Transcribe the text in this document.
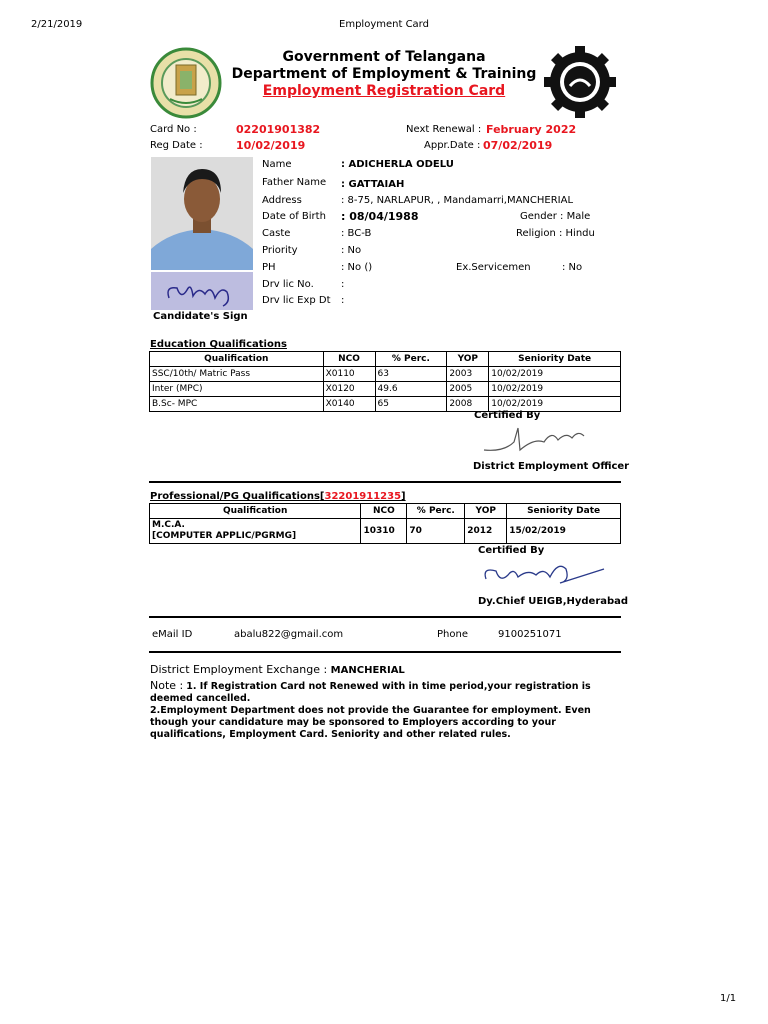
2/21/2019	Employment Card
1/1
Government of Telangana
Department of Employment & Training
Employment Registration Card
Card No :	02201901382
Reg Date :	10/02/2019
Next Renewal : February 2022
Appr.Date : 07/02/2019
Candidate's Sign
Name	: ADICHERLA ODELU
Father Name : GATTAIAH
Address	: 8-75, NARLAPUR, , Mandamarri,MANCHERIAL
Date of Birth : 08/04/1988	Gender : Male
Caste	: BC-B	Religion : Hindu
Priority	: No
PH	: No ()	Ex.Servicemen	: No
Drv lic No.	:
Drv lic Exp Dt :
Education Qualifications
Qualification	NCO	% Perc.	YOP	Seniority Date
SSC/10th/ Matric Pass	X0110	63	2003	10/02/2019
Inter (MPC)	X0120	49.6	2005	10/02/2019
B.Sc- MPC	X0140	65	2008	10/02/2019
Certified By
District Employment Officer
Professional/PG Qualifications[32201911235]
Qualification	NCO	% Perc.	YOP	Seniority Date

M.C.A.
[COMPUTER APPLIC/PGRMG]	10310	70	2012	15/02/2019
Certified By
Dy.Chief UEIGB,Hyderabad
eMail ID	abalu822@gmail.com	Phone	9100251071
District Employment Exchange : MANCHERIAL
Note : 1. If Registration Card not Renewed with in time period,your registration is deemed cancelled.
2.Employment Department does not provide the Guarantee for employment. Even though your candidature may be sponsored to Employers according to your qualifications, Employment Card. Seniority and other related rules.
